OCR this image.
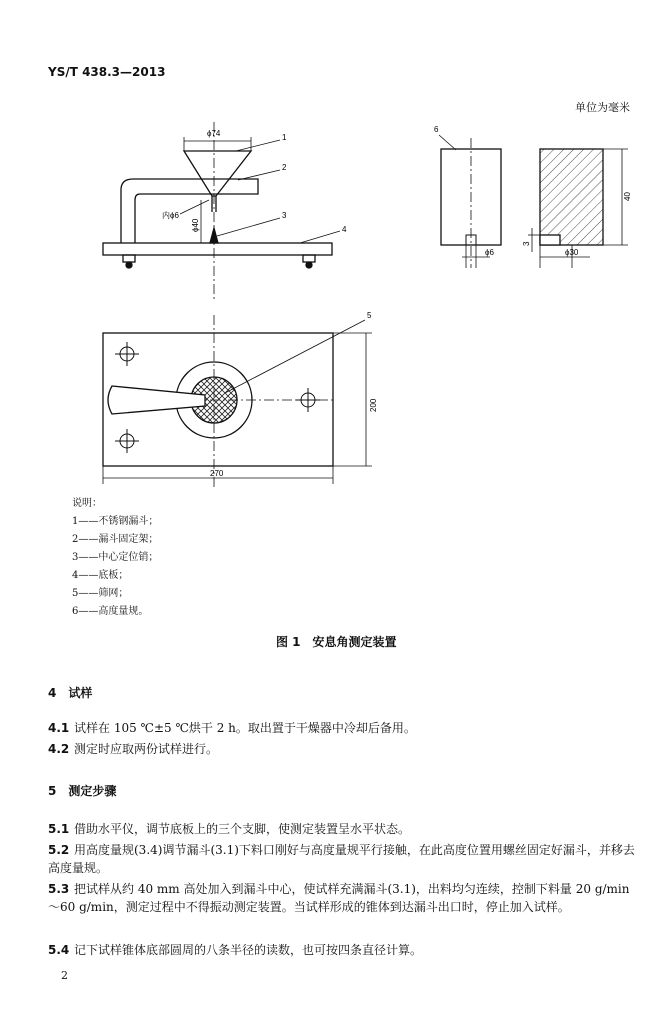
YS/T 438.3—2013
单位为毫米
ϕ74	1
2
内ϕ6	3
4
ϕ40
6
ϕ6	ϕ30
40
3
5
200
270
说明：
1——不锈钢漏斗；
2——漏斗固定架；
3——中心定位销；
4——底板；
5——筛网；
6——高度量规。
图 1　安息角测定装置
4　试样
4.1 试样在 105 ℃±5 ℃烘干 2 h。取出置于干燥器中冷却后备用。
4.2 测定时应取两份试样进行。
5　测定步骤
5.1 借助水平仪，调节底板上的三个支脚，使测定装置呈水平状态。
5.2 用高度量规(3.4)调节漏斗(3.1)下料口刚好与高度量规平行接触，在此高度位置用螺丝固定好漏斗，并移去高度量规。
5.3 把试样从约 40 mm 高处加入到漏斗中心，使试样充满漏斗(3.1)，出料均匀连续，控制下料量 20 g/min～60 g/min，测定过程中不得振动测定装置。当试样形成的锥体到达漏斗出口时，停止加入试样。
5.4 记下试样锥体底部圆周的八条半径的读数，也可按四条直径计算。
2
